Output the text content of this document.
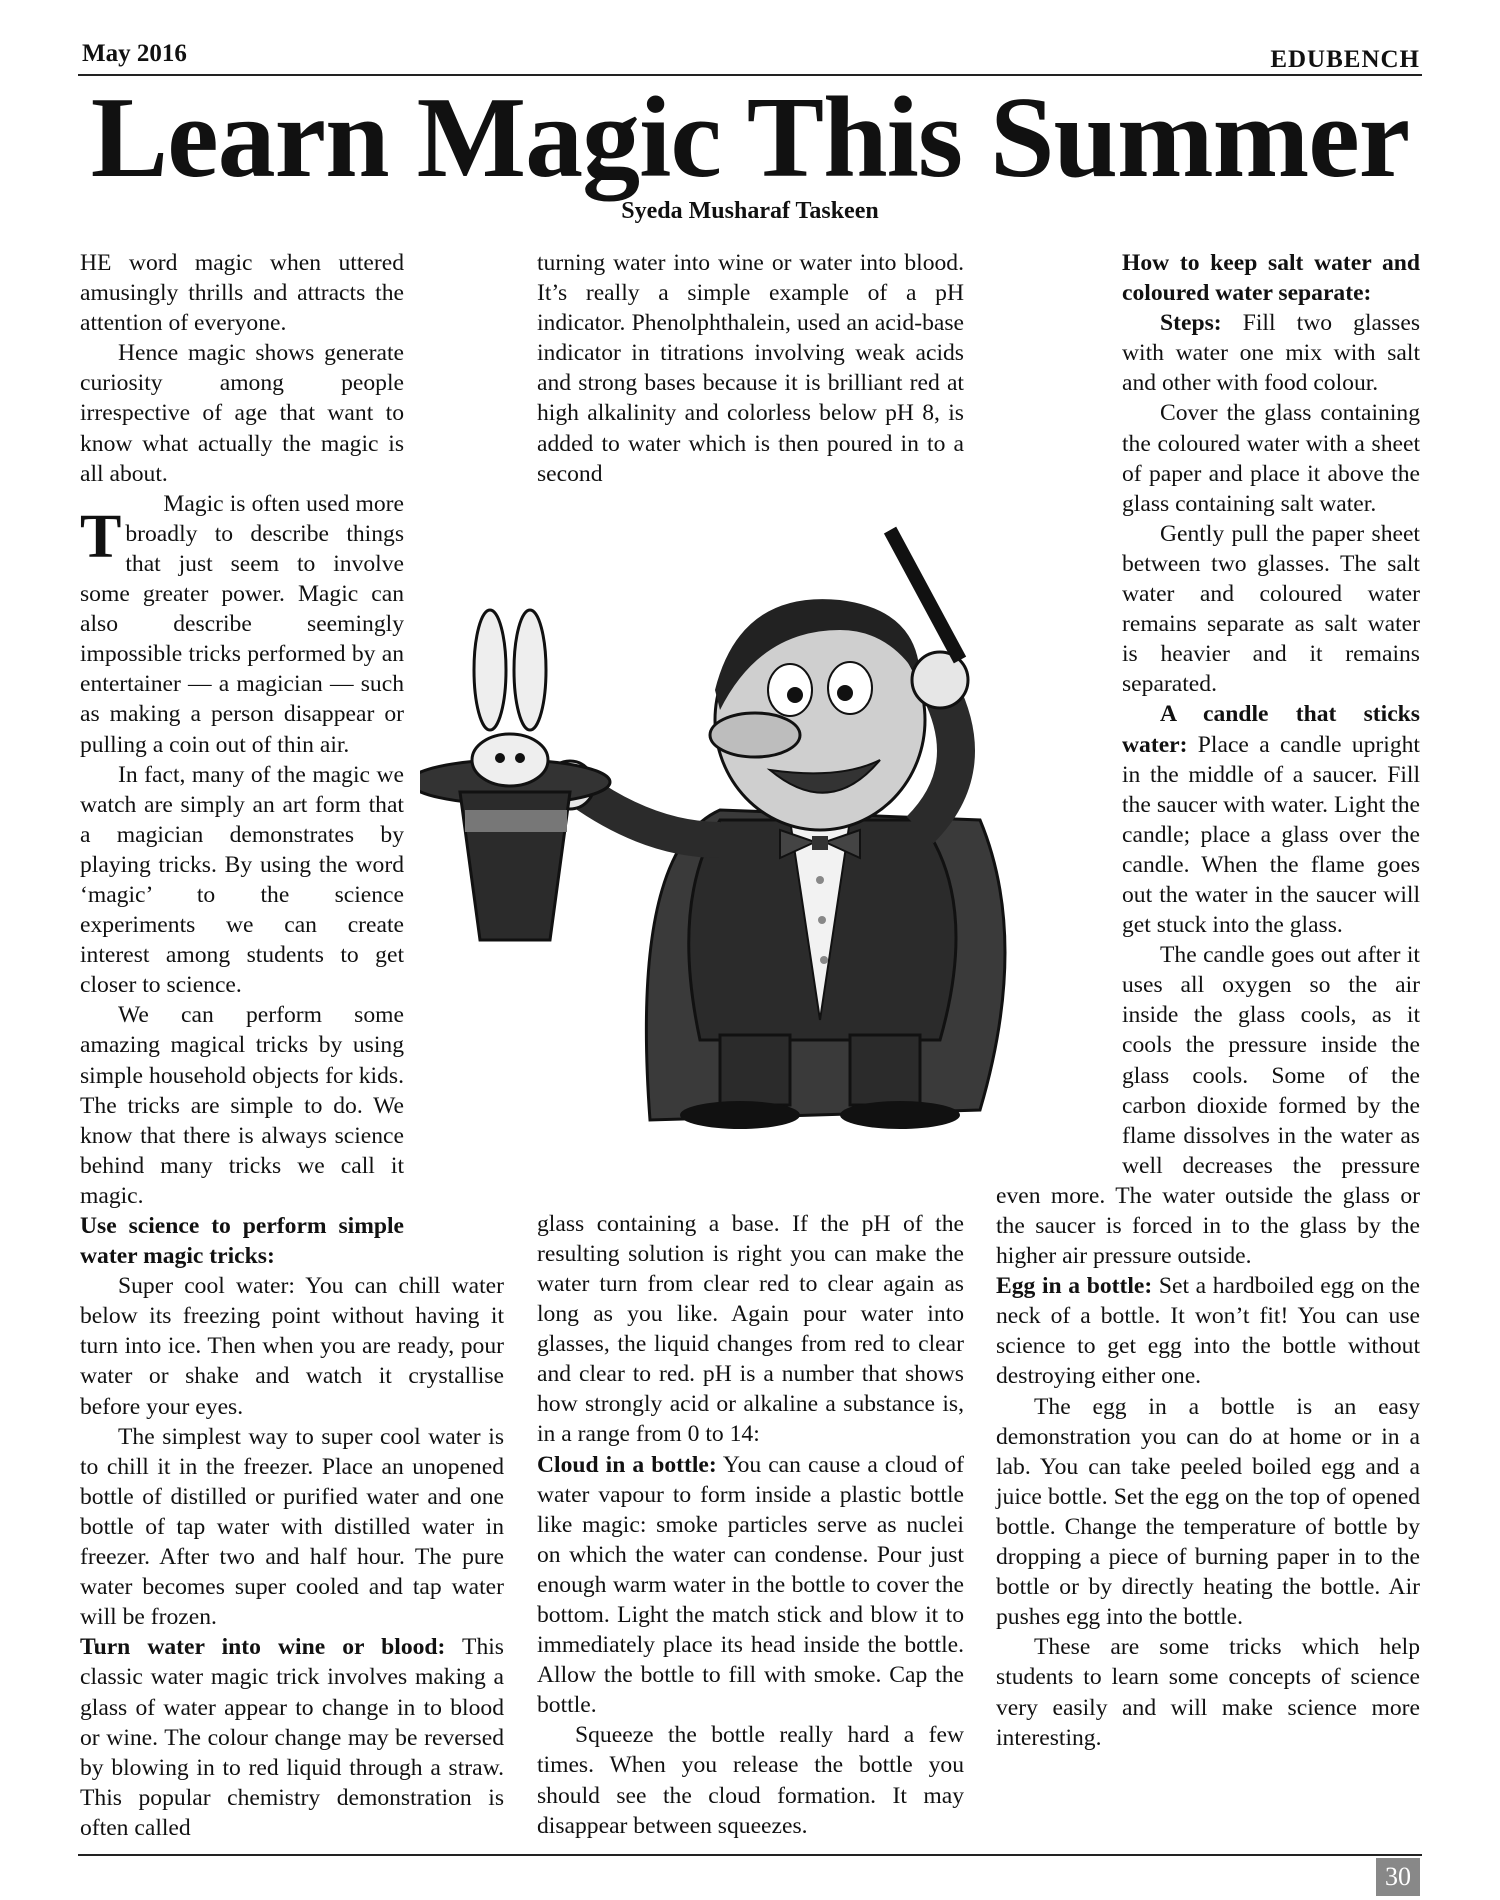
May 2016	EDUBENCH
Learn Magic This Summer
Syeda Musharaf Taskeen

T
HE word magic when uttered amusingly thrills and attracts the attention of everyone.

Hence magic shows generate curiosity among people irrespective of age that want to know what actually the magic is all about.

Magic is often used more broadly to describe things that just seem to involve some greater power. Magic can also describe seemingly impossible tricks performed by an entertainer — a magician — such as making a person disappear or pulling a coin out of thin air.

In fact, many of the magic we watch are simply an art form that a magician demonstrates by playing tricks. By using the word ‘magic’ to the science experiments we can create interest among students to get closer to science.

We can perform some amazing magical tricks by using simple household objects for kids. The tricks are simple to do. We know that there is always science behind many tricks we call it magic.

Use science to perform simple water magic tricks:

Super cool water: You can chill water below its freezing point without having it turn into ice. Then when you are ready, pour water or shake and watch it crystallise before your eyes.

The simplest way to super cool water is to chill it in the freezer. Place an unopened bottle of distilled or purified water and one bottle of tap water with distilled water in freezer. After two and half hour. The pure water becomes super cooled and tap water will be frozen.

Turn water into wine or blood: This classic water magic trick involves making a glass of water appear to change in to blood or wine. The colour change may be reversed by blowing in to red liquid through a straw. This popular chemistry demonstration is often called

turning water into wine or water into blood. It’s really a simple example of a pH indicator. Phenolphthalein, used an acid-base indicator in titrations involving weak acids and strong bases because it is brilliant red at high alkalinity and colorless below pH 8, is added to water which is then poured in to a second

glass containing a base. If the pH of the resulting solution is right you can make the water turn from clear red to clear again as long as you like. Again pour water into glasses, the liquid changes from red to clear and clear to red. pH is a number that shows how strongly acid or alkaline a substance is, in a range from 0 to 14:

Cloud in a bottle: You can cause a cloud of water vapour to form inside a plastic bottle like magic: smoke particles serve as nuclei on which the water can condense. Pour just enough warm water in the bottle to cover the bottom. Light the match stick and blow it to immediately place its head inside the bottle. Allow the bottle to fill with smoke. Cap the bottle.

Squeeze the bottle really hard a few times. When you release the bottle you should see the cloud formation. It may disappear between squeezes.

How to keep salt water and coloured water separate:

Steps: Fill two glasses with water one mix with salt and other with food colour.

Cover the glass containing the coloured water with a sheet of paper and place it above the glass containing salt water.

Gently pull the paper sheet between two glasses. The salt water and coloured water remains separate as salt water is heavier and it remains separated.

A candle that sticks water: Place a candle upright in the middle of a saucer. Fill the saucer with water. Light the candle; place a glass over the candle. When the flame goes out the water in the saucer will get stuck into the glass.

The candle goes out after it uses all oxygen so the air inside the glass cools, as it cools the pressure inside the glass cools. Some of the carbon dioxide formed by the flame dissolves in the water as well decreases the pressure even more. The water outside the glass or the saucer is forced in to the glass by the higher air pressure outside.

Egg in a bottle: Set a hardboiled egg on the neck of a bottle. It won’t fit! You can use science to get egg into the bottle without destroying either one.

The egg in a bottle is an easy demonstration you can do at home or in a lab. You can take peeled boiled egg and a juice bottle. Set the egg on the top of opened bottle. Change the temperature of bottle by dropping a piece of burning paper in to the bottle or by directly heating the bottle. Air pushes egg into the bottle.

These are some tricks which help students to learn some concepts of science very easily and will make science more interesting.

30
